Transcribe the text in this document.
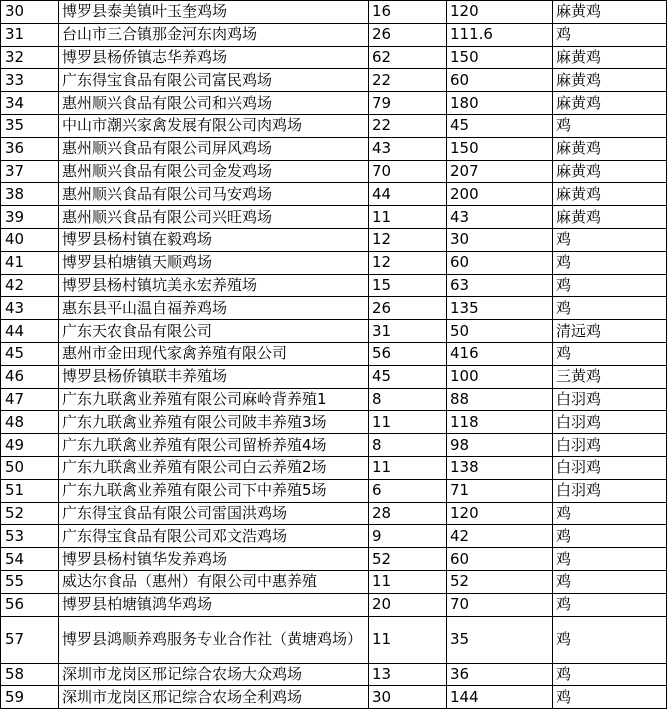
30	博罗县泰美镇叶玉奎鸡场	16	120	麻黄鸡
31	台山市三合镇那金河东肉鸡场	26	111.6	鸡
32	博罗县杨侨镇志华养鸡场	62	150	麻黄鸡
33	广东得宝食品有限公司富民鸡场	22	60	麻黄鸡
34	惠州顺兴食品有限公司和兴鸡场	79	180	麻黄鸡
35	中山市潮兴家禽发展有限公司肉鸡场	22	45	鸡
36	惠州顺兴食品有限公司屏风鸡场	43	150	麻黄鸡
37	惠州顺兴食品有限公司金发鸡场	70	207	麻黄鸡
38	惠州顺兴食品有限公司马安鸡场	44	200	麻黄鸡
39	惠州顺兴食品有限公司兴旺鸡场	11	43	麻黄鸡
40	博罗县杨村镇在毅鸡场	12	30	鸡
41	博罗县柏塘镇天顺鸡场	12	60	鸡
42	博罗县杨村镇坑美永宏养殖场	15	63	鸡
43	惠东县平山温自福养鸡场	26	135	鸡
44	广东天农食品有限公司	31	50	清远鸡
45	惠州市金田现代家禽养殖有限公司	56	416	鸡
46	博罗县杨侨镇联丰养殖场	45	100	三黄鸡
47	广东九联禽业养殖有限公司麻岭背养殖1	8	88	白羽鸡
48	广东九联禽业养殖有限公司陂丰养殖3场	11	118	白羽鸡
49	广东九联禽业养殖有限公司留桥养殖4场	8	98	白羽鸡
50	广东九联禽业养殖有限公司白云养殖2场	11	138	白羽鸡
51	广东九联禽业养殖有限公司下中养殖5场	6	71	白羽鸡
52	广东得宝食品有限公司雷国洪鸡场	28	120	鸡
53	广东得宝食品有限公司邓文浩鸡场	9	42	鸡
54	博罗县杨村镇华发养鸡场	52	60	鸡
55	威达尔食品（惠州）有限公司中惠养殖	11	52	鸡
56	博罗县柏塘镇鸿华鸡场	20	70	鸡
57	博罗县鸿顺养鸡服务专业合作社（黄塘鸡场）	11	35	鸡
58	深圳市龙岗区邢记综合农场大众鸡场	13	36	鸡
59	深圳市龙岗区邢记综合农场全利鸡场	30	144	鸡
